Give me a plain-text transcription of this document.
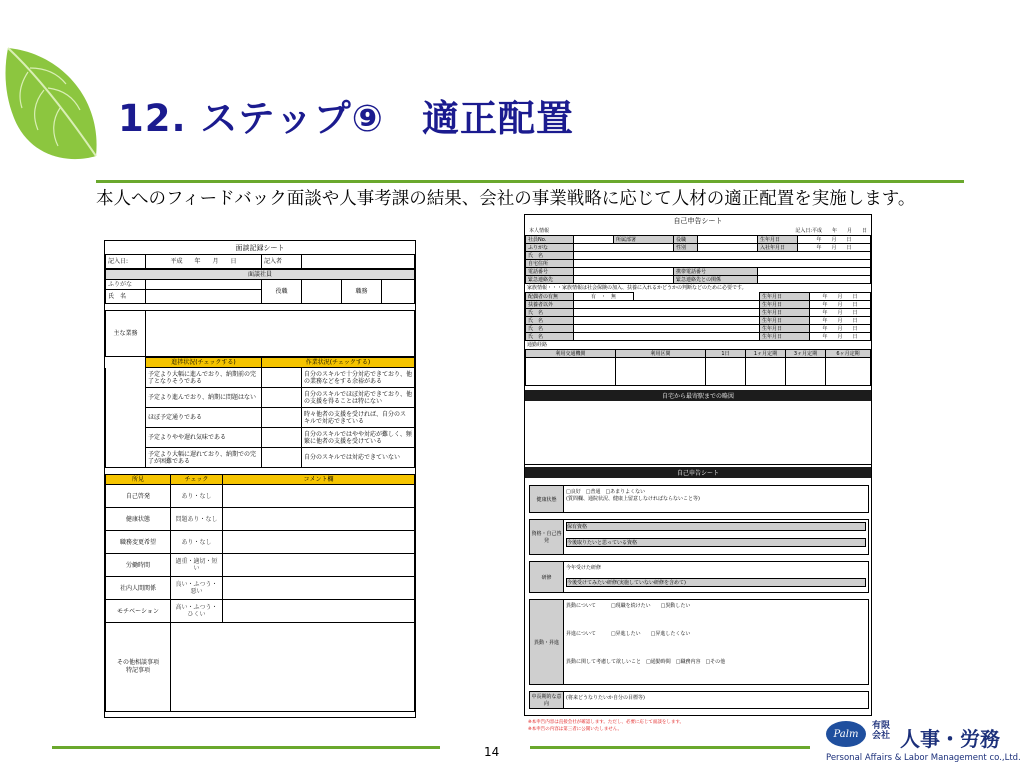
12. ステップ⑨　適正配置
本人へのフィードバック面談や人事考課の結果、会社の事業戦略に応じて人材の適正配置を実施します。
面談記録シート
記入日:	平成　　年　　月　　日	記入者	
面談社員					
ふりがな		役職		職務	
氏　名					
主な業務	
	進捗状況(チェックする)	作業状況(チェックする)	
	予定より大幅に進んでおり、納期前の完了となりそうである		自分のスキルで十分対応できており、他の業務などをする余裕がある
	予定より進んでおり、納期に問題はない		自分のスキルでほぼ対応できており、他の支援を得ることは特にない
	ほぼ予定通りである		時々他者の支援を受ければ、自分のスキルで対応できている
	予定よりやや遅れ気味である		自分のスキルではやや対応が難しく、頻繁に他者の支援を受けている
	予定より大幅に遅れており、納期での完了が困難である		自分のスキルでは対応できていない
所見	チェック	コメント欄
自己啓発	あり・なし	
健康状態	問題あり・なし	
職務変更希望	あり・なし	
労働時間	過重・適切・短い	
社内人間関係	良い・ふつう・悪い	
モチベーション	高い・ふつう・ひくい	
その他相談事項
特記事項		
自己申告シート
本人情報	記入日:平成　　年　　月　　日
社員No.		所属部署	役職		生年月日	年　　月　　日
ふりがな			性別		入社年月日	年　　月　　日
氏　名						
自宅住所						
電話番号			携帯電話番号			
緊急連絡先			緊急連絡先との関係			
家族情報・・・家族情報は社会保険の加入、扶養に入れるかどうかの判断などのために必要です。
配偶者の有無	有　・　無		生年月日	年　　月　　日
扶養者以外			生年月日	年　　月　　日
氏　名			生年月日	年　　月　　日
氏　名			生年月日	年　　月　　日
氏　名			生年月日	年　　月　　日
氏　名			生年月日	年　　月　　日
通勤経路
利用交通機関	利用区間	1日	1ヶ月定期	3ヶ月定期	6ヶ月定期

自宅から最寄駅までの略図
自己申告シート
健康状態
□良好　□普通　□あまりよくない
(質問欄、通院状況、健康上留意しなければならないこと等)
資格・自己啓発
保有資格
今後取りたいと思っている資格
研修
今年受けた研修
今後受けてみたい研修(実施していない研修を含めて)
異動・昇進
異動について　　　□現職を続けたい　　□異動したい
昇進について　　　□昇進したい　　□昇進したくない
異動に関して考慮して欲しいこと　□通勤時間　□職務内容　□その他
中長期的な意向
(将来どうなりたいか自分の目標等)
※本申告内容は直接会社が確認します。ただし、必要に応じて面談をします。
※本申告の内容は第三者に公開いたしません。
14
Palm
有限会社 人事・労務
Personal Affairs & Labor Management co.,Ltd.
